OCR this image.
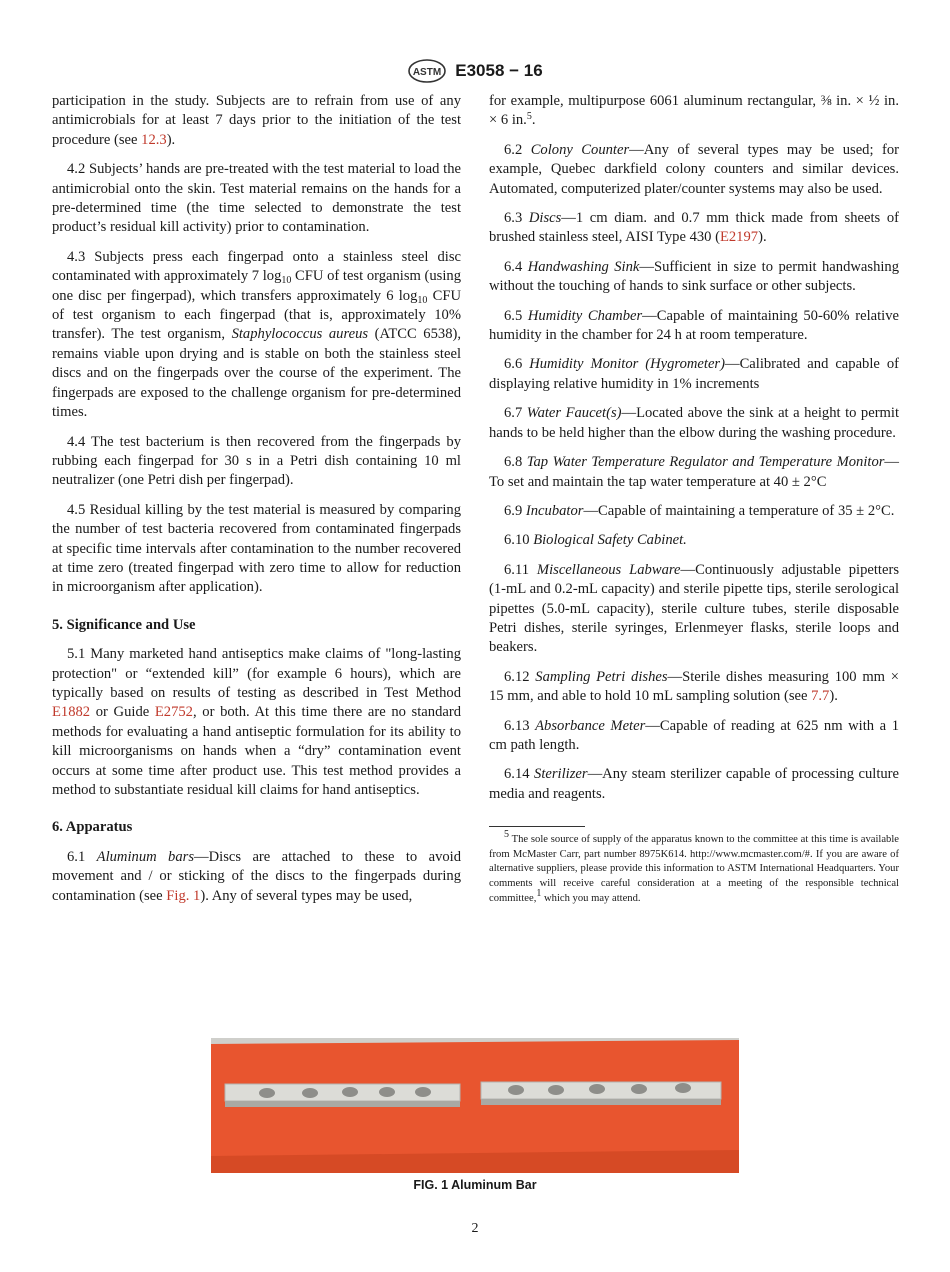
ASTM E3058 − 16

participation in the study. Subjects are to refrain from use of any antimicrobials for at least 7 days prior to the initiation of the test procedure (see 12.3).

4.2 Subjects’ hands are pre-treated with the test material to load the antimicrobial onto the skin. Test material remains on the hands for a pre-determined time (the time selected to demonstrate the test product’s residual kill activity) prior to contamination.

4.3 Subjects press each fingerpad onto a stainless steel disc contaminated with approximately 7 $\log_{10}$ CFU of test organism (using one disc per fingerpad), which transfers approximately 6 $\log_{10}$ CFU of test organism to each fingerpad (that is, approximately 10% transfer). The test organism, Staphylococcus aureus (ATCC 6538), remains viable upon drying and is stable on both the stainless steel discs and on the fingerpads over the course of the experiment. The fingerpads are exposed to the challenge organism for pre-determined times.

4.4 The test bacterium is then recovered from the fingerpads by rubbing each fingerpad for 30 s in a Petri dish containing 10 ml neutralizer (one Petri dish per fingerpad).

4.5 Residual killing by the test material is measured by comparing the number of test bacteria recovered from contaminated fingerpads at specific time intervals after contamination to the number recovered at time zero (treated fingerpad with zero time to allow for reduction in microorganism after application).

5. Significance and Use

5.1 Many marketed hand antiseptics make claims of "long-lasting protection" or “extended kill” (for example 6 hours), which are typically based on results of testing as described in Test Method E1882 or Guide E2752, or both. At this time there are no standard methods for evaluating a hand antiseptic formulation for its ability to kill microorganisms on hands when a “dry” contamination event occurs at some time after product use. This test method provides a method to substantiate residual kill claims for hand antiseptics.

6. Apparatus

6.1 Aluminum bars—Discs are attached to these to avoid movement and / or sticking of the discs to the fingerpads during contamination (see Fig. 1). Any of several types may be used,

for example, multipurpose 6061 aluminum rectangular, ⅜ in. × ½ in. × 6 in.$^5$.

6.2 Colony Counter—Any of several types may be used; for example, Quebec darkfield colony counters and similar devices. Automated, computerized plater/counter systems may also be used.

6.3 Discs—1 cm diam. and 0.7 mm thick made from sheets of brushed stainless steel, AISI Type 430 (E2197).

6.4 Handwashing Sink—Sufficient in size to permit handwashing without the touching of hands to sink surface or other subjects.

6.5 Humidity Chamber—Capable of maintaining 50-60% relative humidity in the chamber for 24 h at room temperature.

6.6 Humidity Monitor (Hygrometer)—Calibrated and capable of displaying relative humidity in 1% increments

6.7 Water Faucet(s)—Located above the sink at a height to permit hands to be held higher than the elbow during the washing procedure.

6.8 Tap Water Temperature Regulator and Temperature Monitor—To set and maintain the tap water temperature at 40 ± 2°C

6.9 Incubator—Capable of maintaining a temperature of 35 ± 2°C.

6.10 Biological Safety Cabinet.

6.11 Miscellaneous Labware—Continuously adjustable pipetters (1-mL and 0.2-mL capacity) and sterile pipette tips, sterile serological pipettes (5.0-mL capacity), sterile culture tubes, sterile disposable Petri dishes, sterile syringes, Erlenmeyer flasks, sterile loops and beakers.

6.12 Sampling Petri dishes—Sterile dishes measuring 100 mm × 15 mm, and able to hold 10 mL sampling solution (see 7.7).

6.13 Absorbance Meter—Capable of reading at 625 nm with a 1 cm path length.

6.14 Sterilizer—Any steam sterilizer capable of processing culture media and reagents.

$^5$ The sole source of supply of the apparatus known to the committee at this time is available from McMaster Carr, part number 8975K614. http://www.mcmaster.com/#. If you are aware of alternative suppliers, please provide this information to ASTM International Headquarters. Your comments will receive careful consideration at a meeting of the responsible technical committee,$^1$ which you may attend.
FIG. 1 Aluminum Bar
2
